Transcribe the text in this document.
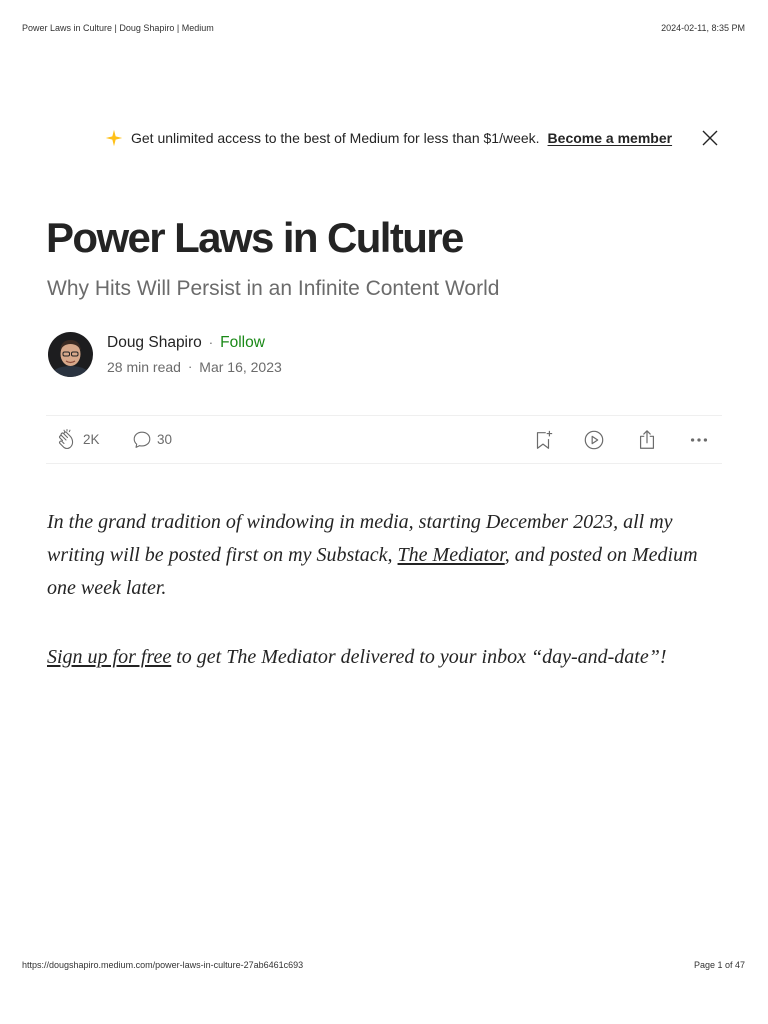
Power Laws in Culture | Doug Shapiro | Medium	2024-02-11, 8:35 PM
Get unlimited access to the best of Medium for less than $1/week. Become a member
Power Laws in Culture
Why Hits Will Persist in an Infinite Content World
Doug Shapiro · Follow
28 min read · Mar 16, 2023
2K	30

In the grand tradition of windowing in media, starting December 2023, all my writing will be posted first on my Substack, The Mediator, and posted on Medium one week later.

Sign up for free to get The Mediator delivered to your inbox “day-and-date”!

https://dougshapiro.medium.com/power-laws-in-culture-27ab6461c693	Page 1 of 47
